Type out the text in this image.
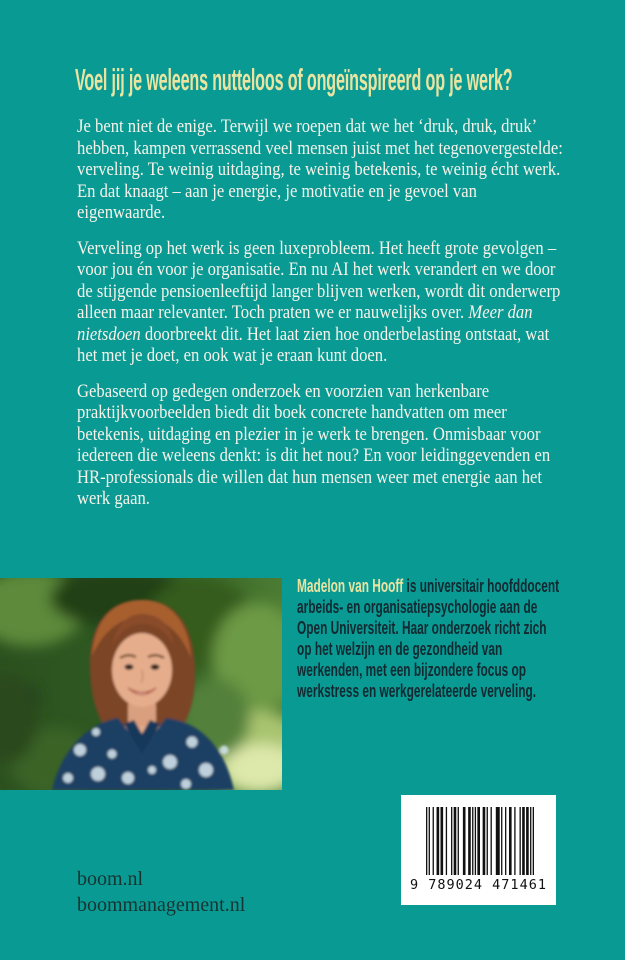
Voel jij je weleens nutteloos of ongeïnspireerd op je werk?

Je bent niet de enige. Terwijl we roepen dat we het ‘druk, druk, druk’ hebben, kampen verrassend veel mensen juist met het tegenovergestelde: verveling. Te weinig uitdaging, te weinig betekenis, te weinig écht werk. En dat knaagt – aan je energie, je motivatie en je gevoel van eigenwaarde.

Verveling op het werk is geen luxeprobleem. Het heeft grote gevolgen – voor jou én voor je organisatie. En nu AI het werk verandert en we door de stijgende pensioenleeftijd langer blijven werken, wordt dit onderwerp alleen maar relevanter. Toch praten we er nauwelijks over. Meer dan nietsdoen doorbreekt dit. Het laat zien hoe onderbelasting ontstaat, wat het met je doet, en ook wat je eraan kunt doen.

Gebaseerd op gedegen onderzoek en voorzien van herkenbare praktijkvoorbeelden biedt dit boek concrete handvatten om meer betekenis, uitdaging en plezier in je werk te brengen. Onmisbaar voor iedereen die weleens denkt: is dit het nou? En voor leidinggevenden en HR-professionals die willen dat hun mensen weer met energie aan het werk gaan.

Madelon van Hooff is universitair hoofddocent arbeids- en organisatiepsychologie aan de Open Universiteit. Haar onderzoek richt zich op het welzijn en de gezondheid van werkenden, met een bijzondere focus op werkstress en werkgerelateerde verveling.
boom.nl
boommanagement.nl
9 789024 471461
